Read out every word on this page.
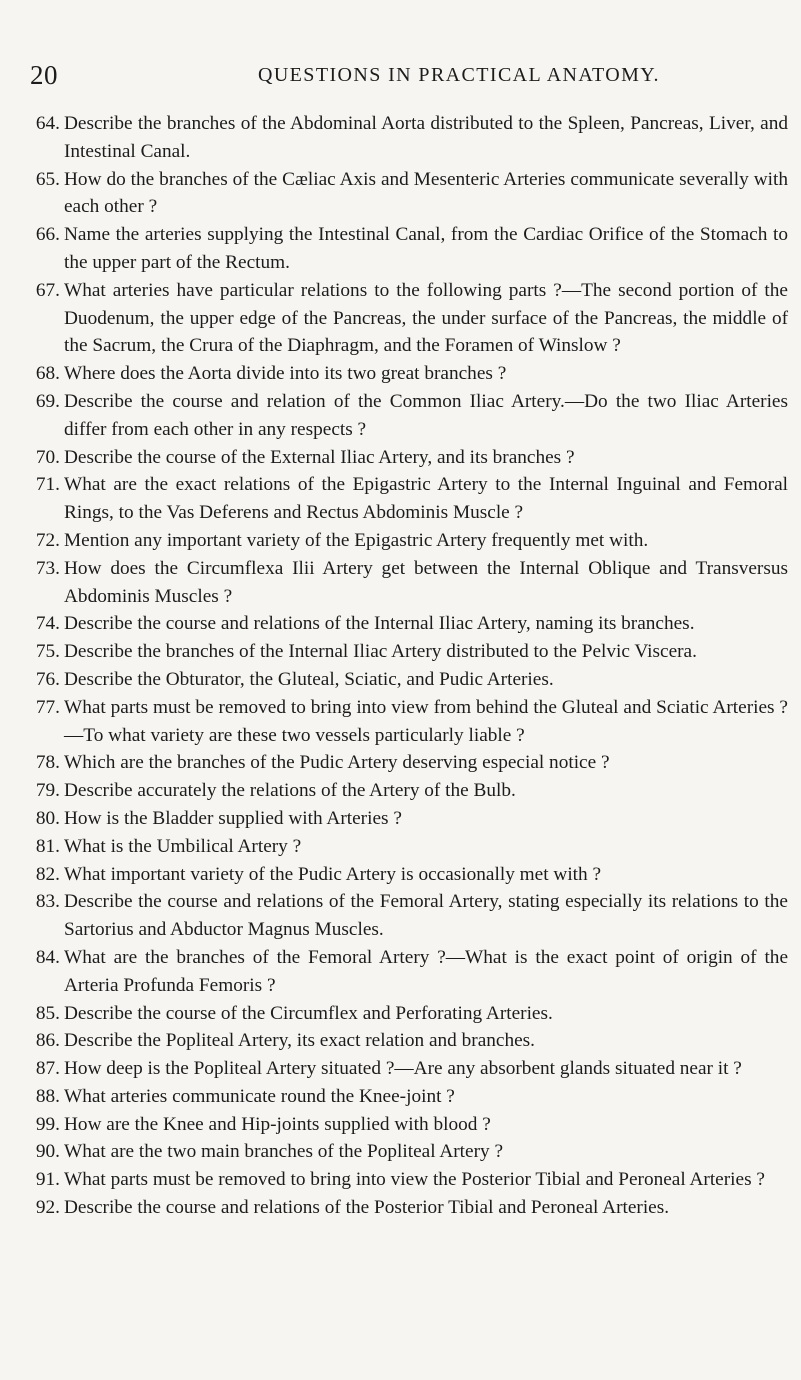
20	QUESTIONS IN PRACTICAL ANATOMY.
64. Describe the branches of the Abdominal Aorta distributed to the Spleen, Pancreas, Liver, and Intestinal Canal.
65. How do the branches of the Cæliac Axis and Mesenteric Arteries communicate severally with each other ?
66. Name the arteries supplying the Intestinal Canal, from the Cardiac Orifice of the Stomach to the upper part of the Rectum.
67. What arteries have particular relations to the following parts ?—The second portion of the Duodenum, the upper edge of the Pancreas, the under surface of the Pancreas, the middle of the Sacrum, the Crura of the Diaphragm, and the Foramen of Winslow ?
68. Where does the Aorta divide into its two great branches ?
69. Describe the course and relation of the Common Iliac Artery.—Do the two Iliac Arteries differ from each other in any respects ?
70. Describe the course of the External Iliac Artery, and its branches ?
71. What are the exact relations of the Epigastric Artery to the Internal Inguinal and Femoral Rings, to the Vas Deferens and Rectus Abdominis Muscle ?
72. Mention any important variety of the Epigastric Artery frequently met with.
73. How does the Circumflexa Ilii Artery get between the Internal Oblique and Transversus Abdominis Muscles ?
74. Describe the course and relations of the Internal Iliac Artery, naming its branches.
75. Describe the branches of the Internal Iliac Artery distributed to the Pelvic Viscera.
76. Describe the Obturator, the Gluteal, Sciatic, and Pudic Arteries.
77. What parts must be removed to bring into view from behind the Gluteal and Sciatic Arteries ?—To what variety are these two vessels particularly liable ?
78. Which are the branches of the Pudic Artery deserving especial notice ?
79. Describe accurately the relations of the Artery of the Bulb.
80. How is the Bladder supplied with Arteries ?
81. What is the Umbilical Artery ?
82. What important variety of the Pudic Artery is occasionally met with ?
83. Describe the course and relations of the Femoral Artery, stating especially its relations to the Sartorius and Abductor Magnus Muscles.
84. What are the branches of the Femoral Artery ?—What is the exact point of origin of the Arteria Profunda Femoris ?
85. Describe the course of the Circumflex and Perforating Arteries.
86. Describe the Popliteal Artery, its exact relation and branches.
87. How deep is the Popliteal Artery situated ?—Are any absorbent glands situated near it ?
88. What arteries communicate round the Knee-joint ?
99. How are the Knee and Hip-joints supplied with blood ?
90. What are the two main branches of the Popliteal Artery ?
91. What parts must be removed to bring into view the Posterior Tibial and Peroneal Arteries ?
92. Describe the course and relations of the Posterior Tibial and Peroneal Arteries.
